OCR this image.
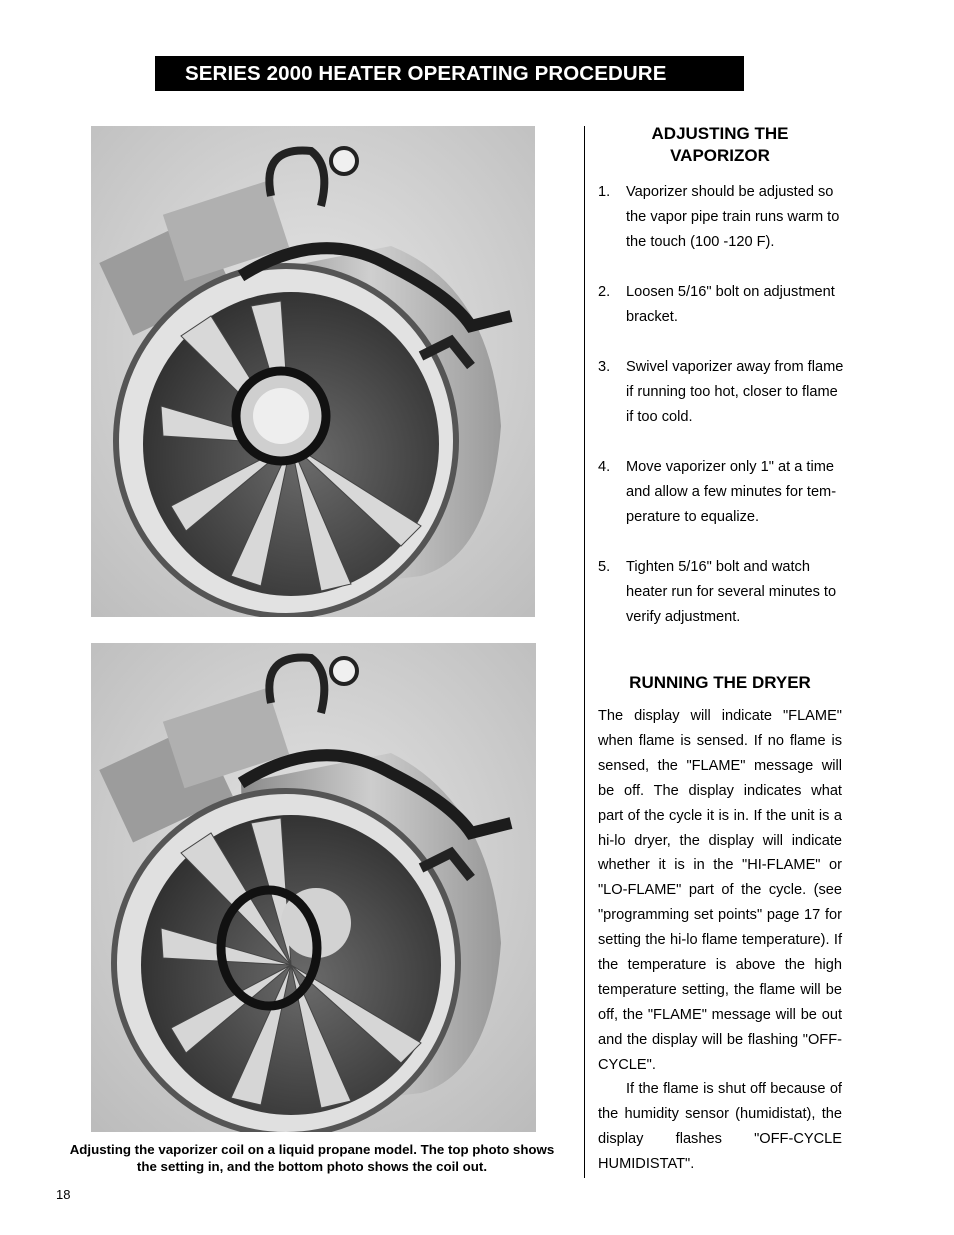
SERIES 2000 HEATER OPERATING PROCEDURE
Adjusting the vaporizer coil on a liquid propane model. The top photo shows the setting in, and the bottom photo shows the coil out.
18
ADJUSTING THE VAPORIZOR
1. Vaporizer should be adjusted so the vapor pipe train runs warm to the touch (100 -120 F).
2. Loosen 5/16" bolt on adjustment bracket.
3. Swivel vaporizer away from flame if running too hot, closer to flame if too cold.
4. Move vaporizer only 1" at a time and allow a few minutes for tem-perature to equalize.
5. Tighten 5/16" bolt and watch heater run for several minutes to verify adjustment.
RUNNING THE DRYER

The display will indicate "FLAME" when flame is sensed. If no flame is sensed, the "FLAME" message will be off. The display indicates what part of the cycle it is in. If the unit is a hi-lo dryer, the display will indicate whether it is in the "HI-FLAME" or "LO-FLAME" part of the cycle. (see "programming set points" page 17 for setting the hi-lo flame temperature). If the temperature is above the high temperature setting, the flame will be off, the "FLAME" message will be out and the display will be flashing "OFF-CYCLE".

If the flame is shut off because of the humidity sensor (humidistat), the display flashes "OFF-CYCLE HUMIDISTAT".
